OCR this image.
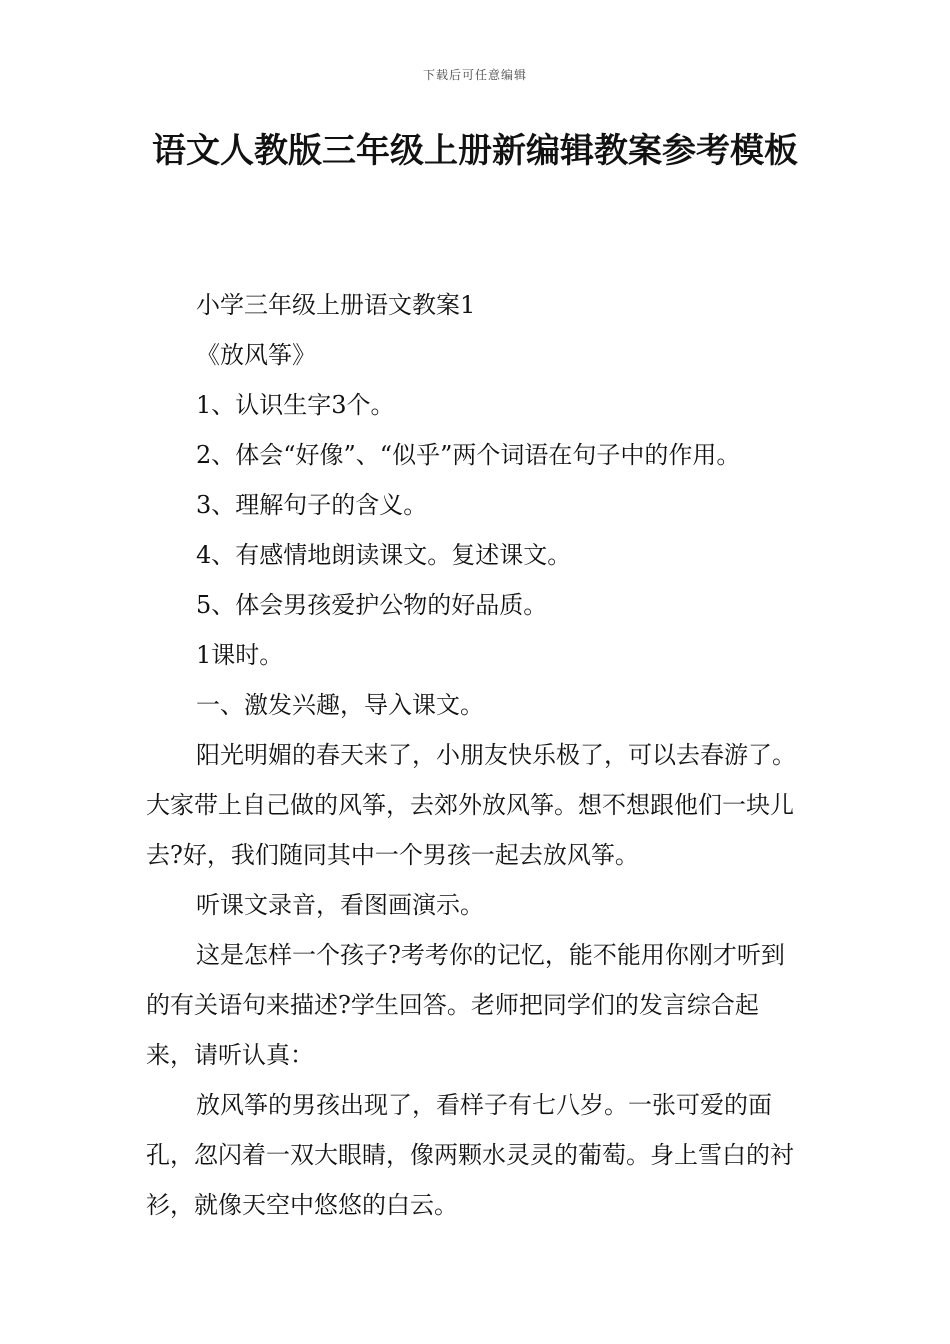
下载后可任意编辑
语文人教版三年级上册新编辑教案参考模板

小学三年级上册语文教案1

《放风筝》

1、认识生字3个。

2、体会“好像”、“似乎”两个词语在句子中的作用。

3、理解句子的含义。

4、有感情地朗读课文。复述课文。

5、体会男孩爱护公物的好品质。

1课时。

一、激发兴趣，导入课文。

阳光明媚的春天来了，小朋友快乐极了，可以去春游了。大家带上自己做的风筝，去郊外放风筝。想不想跟他们一块儿去?好，我们随同其中一个男孩一起去放风筝。

听课文录音，看图画演示。

这是怎样一个孩子?考考你的记忆，能不能用你刚才听到的有关语句来描述?学生回答。老师把同学们的发言综合起来，请听认真：

放风筝的男孩出现了，看样子有七八岁。一张可爱的面孔，忽闪着一双大眼睛，像两颗水灵灵的葡萄。身上雪白的衬衫，就像天空中悠悠的白云。
